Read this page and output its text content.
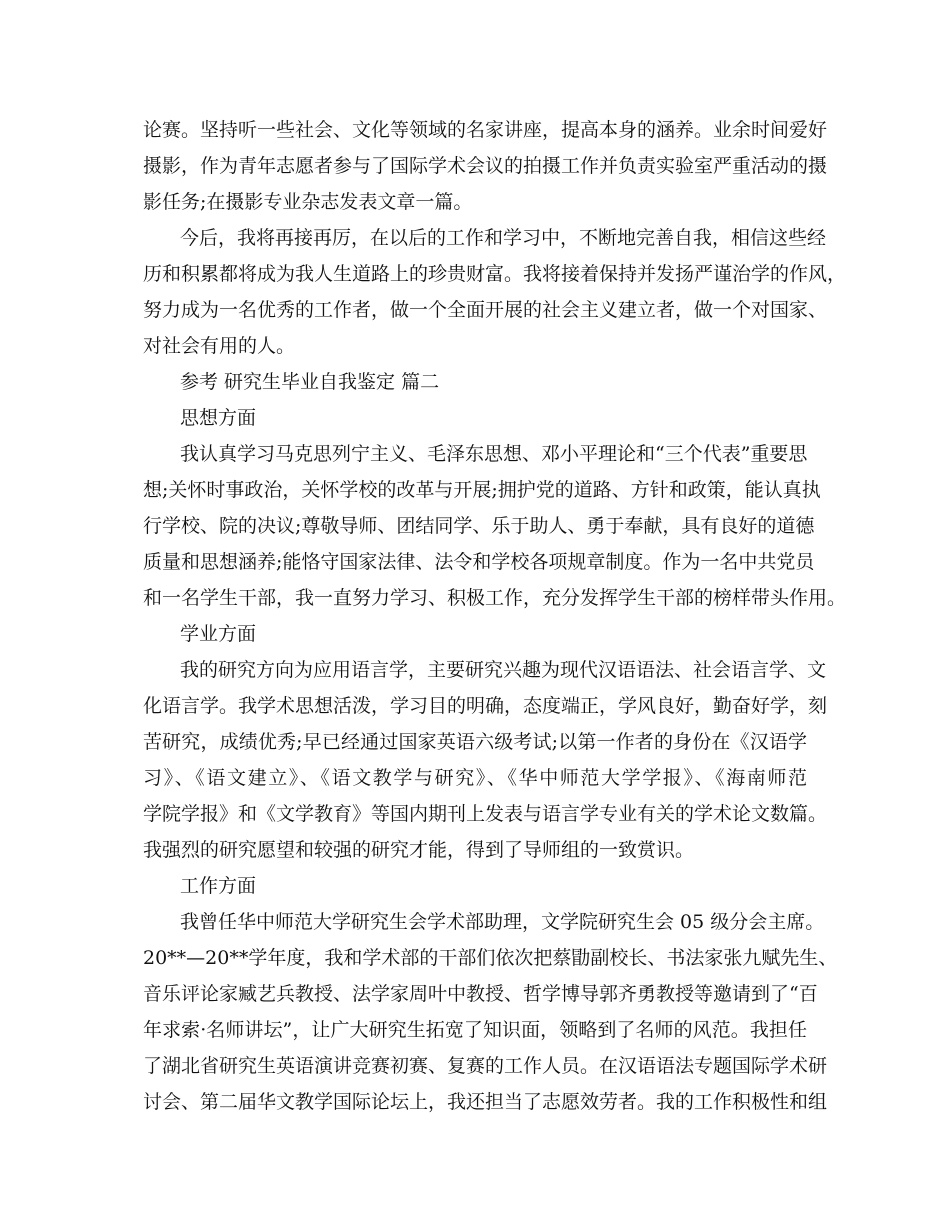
论赛。坚持听一些社会、文化等领域的名家讲座，提高本身的涵养。业余时间爱好
摄影，作为青年志愿者参与了国际学术会议的拍摄工作并负责实验室严重活动的摄
影任务;在摄影专业杂志发表文章一篇。
今后，我将再接再厉，在以后的工作和学习中，不断地完善自我，相信这些经
历和积累都将成为我人生道路上的珍贵财富。我将接着保持并发扬严谨治学的作风，
努力成为一名优秀的工作者，做一个全面开展的社会主义建立者，做一个对国家、
对社会有用的人。
参考 研究生毕业自我鉴定 篇二
思想方面
我认真学习马克思列宁主义、毛泽东思想、邓小平理论和“三个代表”重要思
想;关怀时事政治，关怀学校的改革与开展;拥护党的道路、方针和政策，能认真执
行学校、院的决议;尊敬导师、团结同学、乐于助人、勇于奉献，具有良好的道德
质量和思想涵养;能恪守国家法律、法令和学校各项规章制度。作为一名中共党员
和一名学生干部，我一直努力学习、积极工作，充分发挥学生干部的榜样带头作用。
学业方面
我的研究方向为应用语言学，主要研究兴趣为现代汉语语法、社会语言学、文
化语言学。我学术思想活泼，学习目的明确，态度端正，学风良好，勤奋好学，刻
苦研究，成绩优秀;早已经通过国家英语六级考试;以第一作者的身份在《汉语学
习》、《语文建立》、《语文教学与研究》、《华中师范大学学报》、《海南师范
学院学报》和《文学教育》等国内期刊上发表与语言学专业有关的学术论文数篇。
我强烈的研究愿望和较强的研究才能，得到了导师组的一致赏识。
工作方面
我曾任华中师范大学研究生会学术部助理，文学院研究生会 05 级分会主席。
20**—20**学年度，我和学术部的干部们依次把蔡勖副校长、书法家张九赋先生、
音乐评论家臧艺兵教授、法学家周叶中教授、哲学博导郭齐勇教授等邀请到了“百
年求索·名师讲坛”，让广大研究生拓宽了知识面，领略到了名师的风范。我担任
了湖北省研究生英语演讲竞赛初赛、复赛的工作人员。在汉语语法专题国际学术研
讨会、第二届华文教学国际论坛上，我还担当了志愿效劳者。我的工作积极性和组
